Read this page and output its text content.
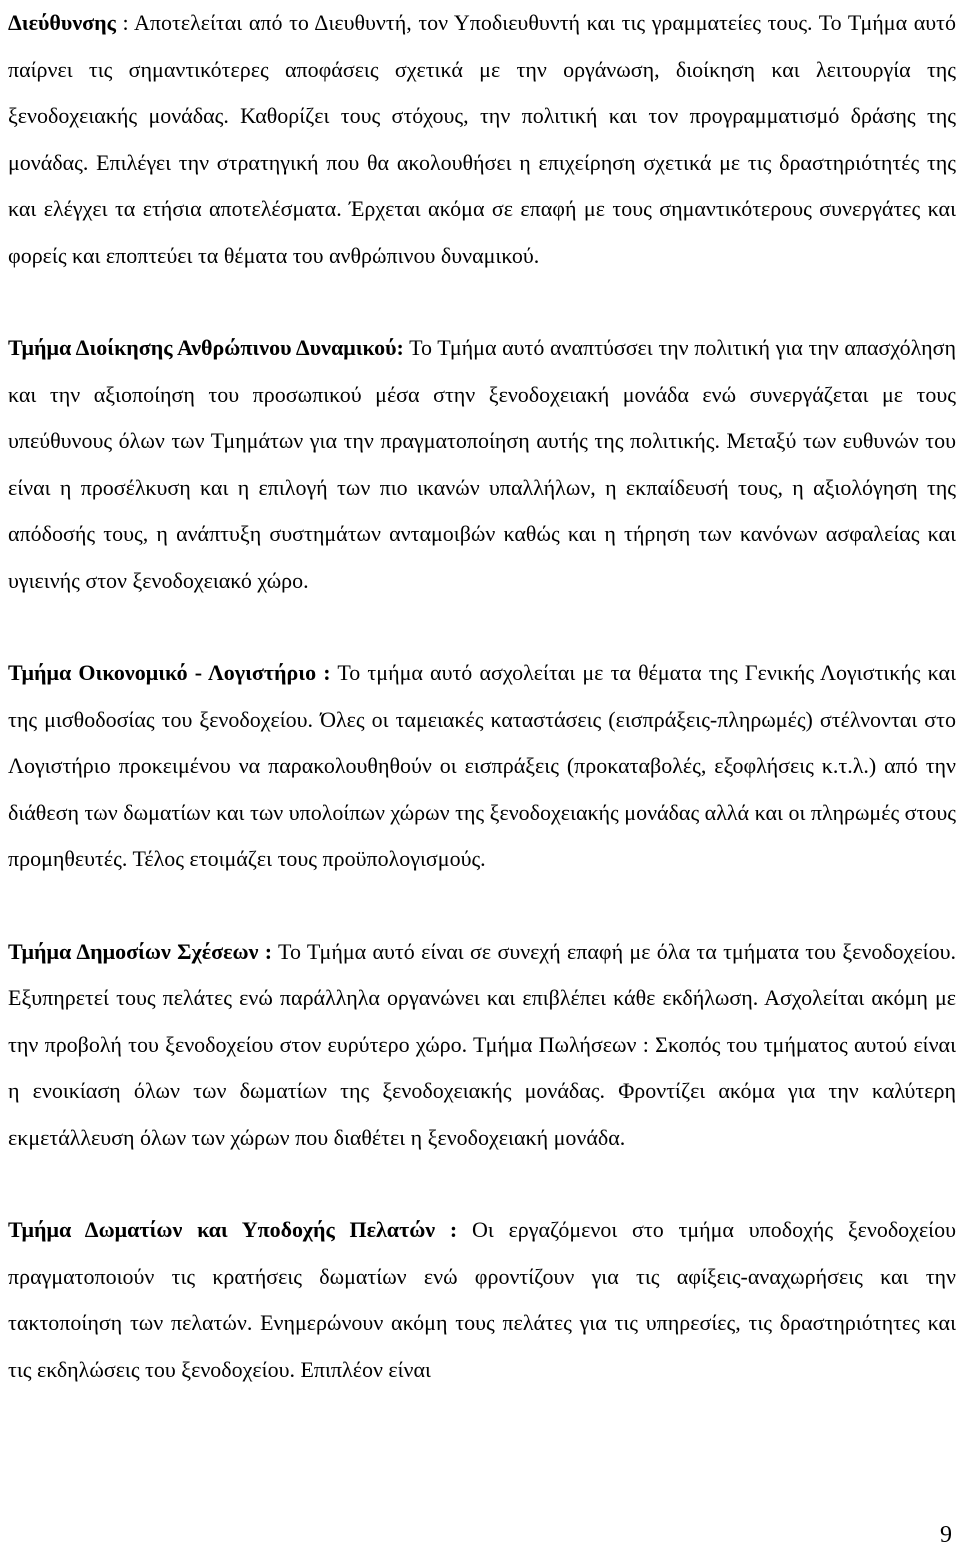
Διεύθυνσης : Αποτελείται από το Διευθυντή, τον Υποδιευθυντή και τις γραμματείες τους. Το Τμήμα αυτό παίρνει τις σημαντικότερες αποφάσεις σχετικά με την οργάνωση, διοίκηση και λειτουργία της ξενοδοχειακής μονάδας. Καθορίζει τους στόχους, την πολιτική και τον προγραμματισμό δράσης της μονάδας. Επιλέγει την στρατηγική που θα ακολουθήσει η επιχείρηση σχετικά με τις δραστηριότητές της και ελέγχει τα ετήσια αποτελέσματα. Έρχεται ακόμα σε επαφή με τους σημαντικότερους συνεργάτες και φορείς και εποπτεύει τα θέματα του ανθρώπινου δυναμικού.

Τμήμα Διοίκησης Ανθρώπινου Δυναμικού: Το Τμήμα αυτό αναπτύσσει την πολιτική για την απασχόληση και την αξιοποίηση του προσωπικού μέσα στην ξενοδοχειακή μονάδα ενώ συνεργάζεται με τους υπεύθυνους όλων των Τμημάτων για την πραγματοποίηση αυτής της πολιτικής. Μεταξύ των ευθυνών του είναι η προσέλκυση και η επιλογή των πιο ικανών υπαλλήλων, η εκπαίδευσή τους, η αξιολόγηση της απόδοσής τους, η ανάπτυξη συστημάτων ανταμοιβών καθώς και η τήρηση των κανόνων ασφαλείας και υγιεινής στον ξενοδοχειακό χώρο.

Τμήμα Οικονομικό - Λογιστήριο : Το τμήμα αυτό ασχολείται με τα θέματα της Γενικής Λογιστικής και της μισθοδοσίας του ξενοδοχείου. Όλες οι ταμειακές καταστάσεις (εισπράξεις-πληρωμές) στέλνονται στο Λογιστήριο προκειμένου να παρακολουθηθούν οι εισπράξεις (προκαταβολές, εξοφλήσεις κ.τ.λ.) από την διάθεση των δωματίων και των υπολοίπων χώρων της ξενοδοχειακής μονάδας αλλά και οι πληρωμές στους προμηθευτές. Τέλος ετοιμάζει τους προϋπολογισμούς.

Τμήμα Δημοσίων Σχέσεων : Το Τμήμα αυτό είναι σε συνεχή επαφή με όλα τα τμήματα του ξενοδοχείου. Εξυπηρετεί τους πελάτες ενώ παράλληλα οργανώνει και επιβλέπει κάθε εκδήλωση. Ασχολείται ακόμη με την προβολή του ξενοδοχείου στον ευρύτερο χώρο. Τμήμα Πωλήσεων : Σκοπός του τμήματος αυτού είναι η ενοικίαση όλων των δωματίων της ξενοδοχειακής μονάδας. Φροντίζει ακόμα για την καλύτερη εκμετάλλευση όλων των χώρων που διαθέτει η ξενοδοχειακή μονάδα.

Τμήμα Δωματίων και Υποδοχής Πελατών : Οι εργαζόμενοι στο τμήμα υποδοχής ξενοδοχείου πραγματοποιούν τις κρατήσεις δωματίων ενώ φροντίζουν για τις αφίξεις-αναχωρήσεις και την τακτοποίηση των πελατών. Ενημερώνουν ακόμη τους πελάτες για τις υπηρεσίες, τις δραστηριότητες και τις εκδηλώσεις του ξενοδοχείου. Επιπλέον είναι

9
